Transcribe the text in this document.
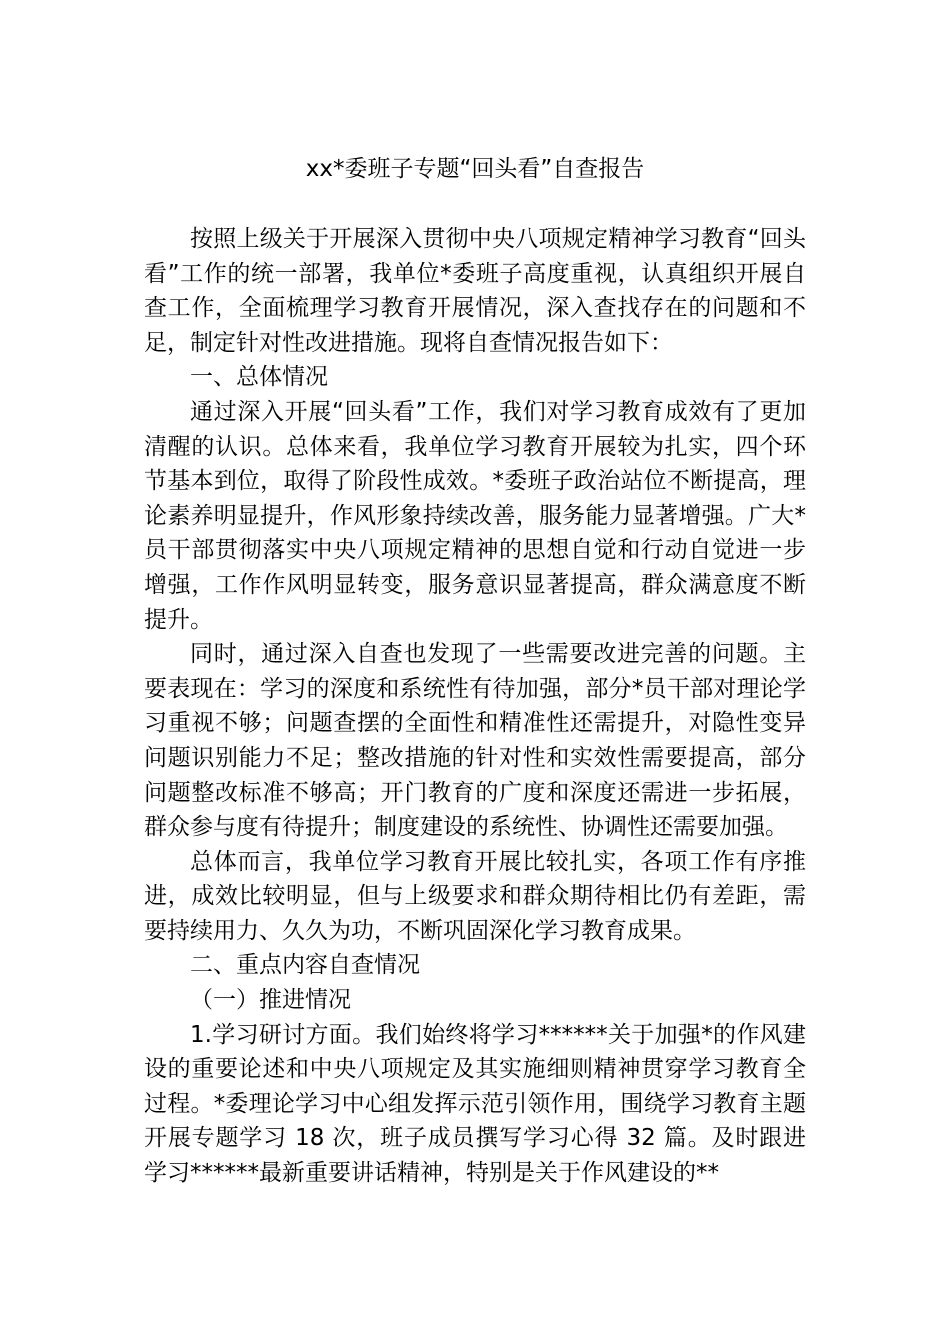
xx*委班子专题“回头看”自查报告

按照上级关于开展深入贯彻中央八项规定精神学习教育“回头看”工作的统一部署，我单位*委班子高度重视，认真组织开展自查工作，全面梳理学习教育开展情况，深入查找存在的问题和不足，制定针对性改进措施。现将自查情况报告如下：

一、总体情况

通过深入开展“回头看”工作，我们对学习教育成效有了更加清醒的认识。总体来看，我单位学习教育开展较为扎实，四个环节基本到位，取得了阶段性成效。*委班子政治站位不断提高，理论素养明显提升，作风形象持续改善，服务能力显著增强。广大*员干部贯彻落实中央八项规定精神的思想自觉和行动自觉进一步增强，工作作风明显转变，服务意识显著提高，群众满意度不断提升。

同时，通过深入自查也发现了一些需要改进完善的问题。主要表现在：学习的深度和系统性有待加强，部分*员干部对理论学习重视不够；问题查摆的全面性和精准性还需提升，对隐性变异问题识别能力不足；整改措施的针对性和实效性需要提高，部分问题整改标准不够高；开门教育的广度和深度还需进一步拓展，群众参与度有待提升；制度建设的系统性、协调性还需要加强。

总体而言，我单位学习教育开展比较扎实，各项工作有序推进，成效比较明显，但与上级要求和群众期待相比仍有差距，需要持续用力、久久为功，不断巩固深化学习教育成果。

二、重点内容自查情况

（一）推进情况

1.学习研讨方面。我们始终将学习******关于加强*的作风建设的重要论述和中央八项规定及其实施细则精神贯穿学习教育全过程。*委理论学习中心组发挥示范引领作用，围绕学习教育主题开展专题学习 18 次，班子成员撰写学习心得 32 篇。及时跟进学习******最新重要讲话精神，特别是关于作风建设的**
